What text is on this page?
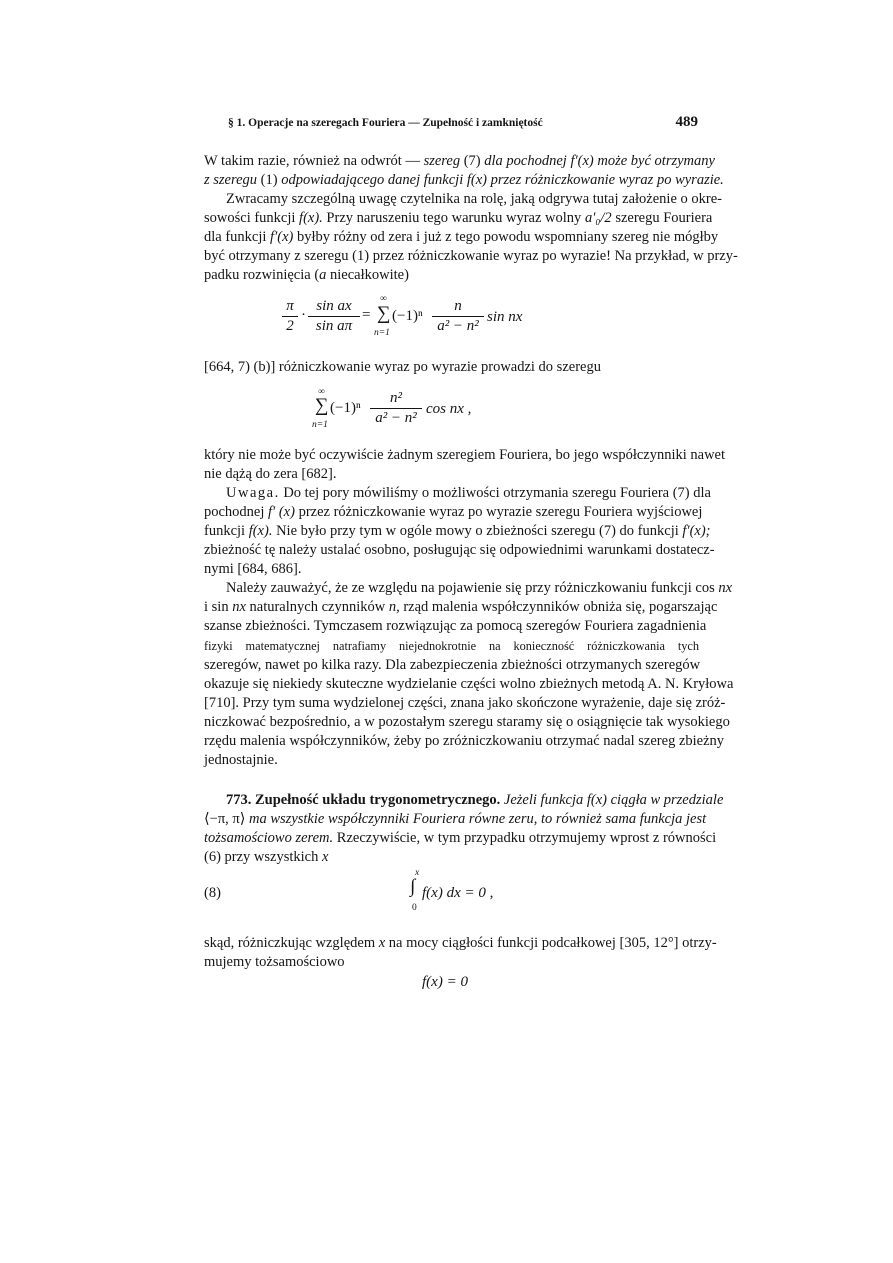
§ 1. Operacje na szeregach Fouriera — Zupełność i zamkniętość	489
W takim razie, również na odwrót — szereg (7) dla pochodnej f′(x) może być otrzymany
z szeregu (1) odpowiadającego danej funkcji f(x) przez różniczkowanie wyraz po wyrazie.
Zwracamy szczególną uwagę czytelnika na rolę, jaką odgrywa tutaj założenie o okre-
sowości funkcji f(x). Przy naruszeniu tego warunku wyraz wolny a′₀/2 szeregu Fouriera
dla funkcji f′(x) byłby różny od zera i już z tego powodu wspomniany szereg nie mógłby
być otrzymany z szeregu (1) przez różniczkowanie wyraz po wyrazie! Na przykład, w przy-
padku rozwinięcia (a niecałkowite)
$\frac{\pi}{2} \cdot \frac{\text{sin ax}}{\text{sin aπ}}$ =
∞
∑
n=1
$(-1)^n \frac{n}{\text{a² − n²}}$ sin nx
[664, 7) (b)] różniczkowanie wyraz po wyrazie prowadzi do szeregu
∞
∑
n=1
$(-1)^n \frac{\text{n²}}{\text{a² − n²}}$ cos nx ,
który nie może być oczywiście żadnym szeregiem Fouriera, bo jego współczynniki nawet
nie dążą do zera [682].
Uwaga. Do tej pory mówiliśmy o możliwości otrzymania szeregu Fouriera (7) dla
pochodnej f′ (x) przez różniczkowanie wyraz po wyrazie szeregu Fouriera wyjściowej
funkcji f(x). Nie było przy tym w ogóle mowy o zbieżności szeregu (7) do funkcji f′(x);
zbieżność tę należy ustalać osobno, posługując się odpowiednimi warunkami dostatecz-
nymi [684, 686].
Należy zauważyć, że ze względu na pojawienie się przy różniczkowaniu funkcji cos nx
i sin nx naturalnych czynników n, rząd malenia współczynników obniża się, pogarszając
szanse zbieżności. Tymczasem rozwiązując za pomocą szeregów Fouriera zagadnienia
fizyki matematycznej natrafiamy niejednokrotnie na konieczność różniczkowania tych
szeregów, nawet po kilka razy. Dla zabezpieczenia zbieżności otrzymanych szeregów
okazuje się niekiedy skuteczne wydzielanie części wolno zbieżnych metodą A. N. Kryłowa
[710]. Przy tym suma wydzielonej części, znana jako skończone wyrażenie, daje się zróż-
niczkować bezpośrednio, a w pozostałym szeregu staramy się o osiągnięcie tak wysokiego
rzędu malenia współczynników, żeby po zróżniczkowaniu otrzymać nadal szereg zbieżny
jednostajnie.
773. Zupełność układu trygonometrycznego. Jeżeli funkcja f(x) ciągła w przedziale
⟨−π, π⟩ ma wszystkie współczynniki Fouriera równe zeru, to również sama funkcja jest
tożsamościowo zerem. Rzeczywiście, w tym przypadku otrzymujemy wprost z równości
(6) przy wszystkich x
(8)
x
∫
0
f(x) dx = 0 ,
skąd, różniczkując względem x na mocy ciągłości funkcji podcałkowej [305, 12°] otrzy-
mujemy tożsamościowo
f(x) = 0
